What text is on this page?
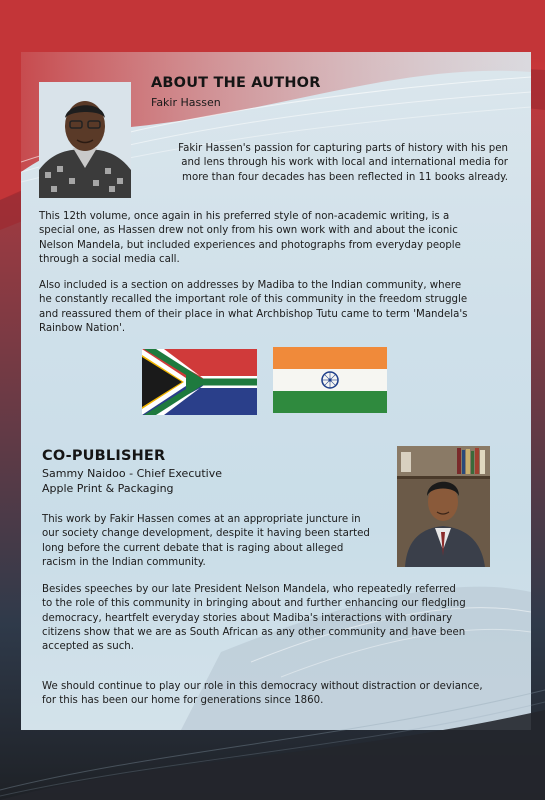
ABOUT THE AUTHOR
Fakir Hassen
Fakir Hassen's passion for capturing parts of history with his pen
and lens through his work with local and international media for
more than four decades has been reflected in 11 books already.
This 12th volume, once again in his preferred style of non-academic writing, is a
special one, as Hassen drew not only from his own work with and about the iconic
Nelson Mandela, but included experiences and photographs from everyday people
through a social media call.
Also included is a section on addresses by Madiba to the Indian community, where
he constantly recalled the important role of this community in the freedom struggle
and reassured them of their place in what Archbishop Tutu came to term 'Mandela's
Rainbow Nation'.
CO-PUBLISHER
Sammy Naidoo - Chief Executive
Apple Print & Packaging
This work by Fakir Hassen comes at an appropriate juncture in
our society change development, despite it having been started
long before the current debate that is raging about alleged
racism in the Indian community.
Besides speeches by our late President Nelson Mandela, who repeatedly referred
to the role of this community in bringing about and further enhancing our fledgling
democracy, heartfelt everyday stories about Madiba's interactions with ordinary
citizens show that we are as South African as any other community and have been
accepted as such.
We should continue to play our role in this democracy without distraction or deviance,
for this has been our home for generations since 1860.
